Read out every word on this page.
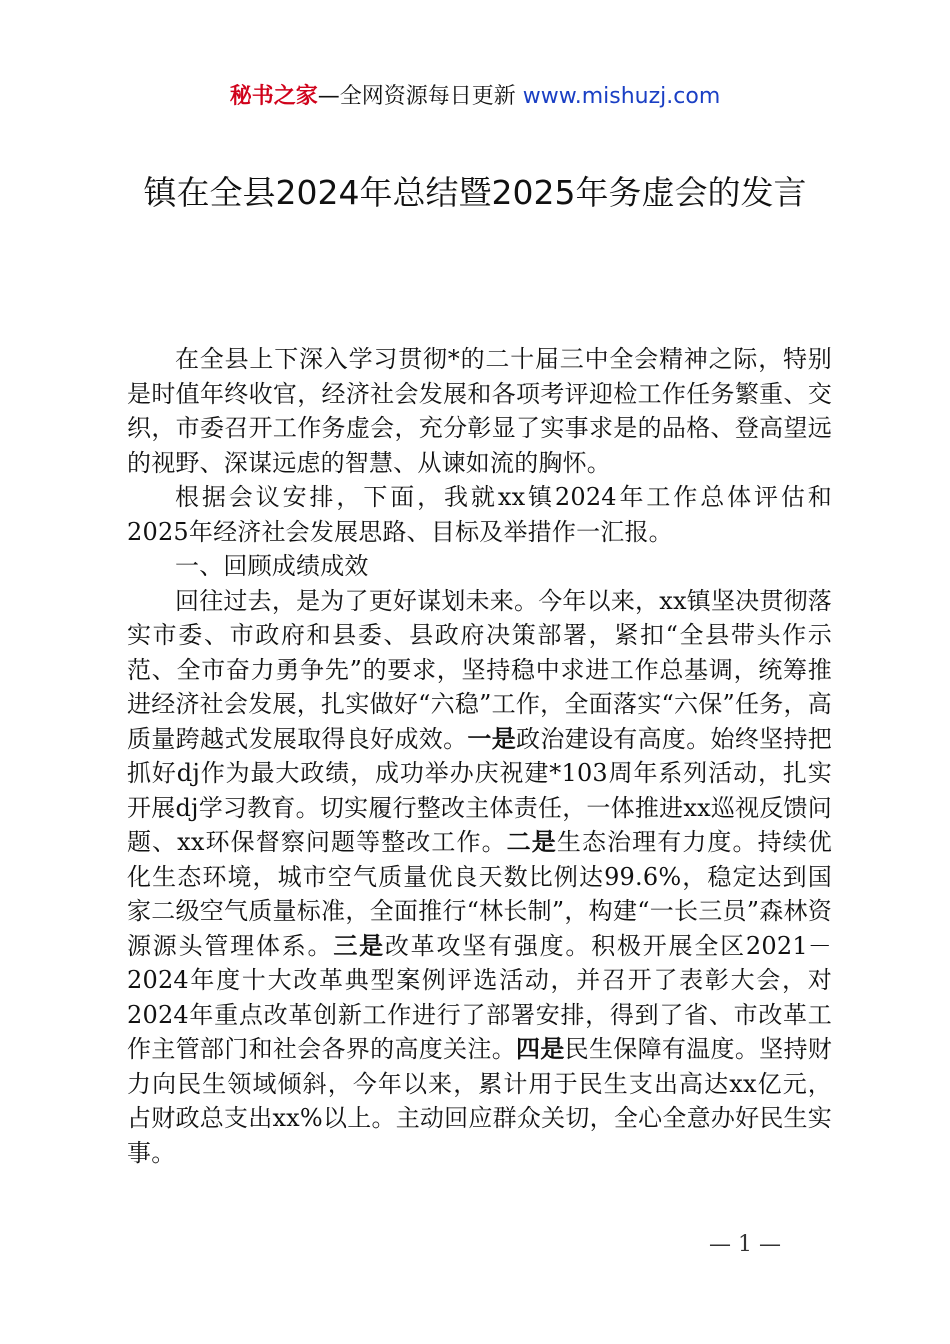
秘书之家—全网资源每日更新 www.mishuzj.com
镇在全县2024年总结暨2025年务虚会的发言

在全县上下深入学习贯彻*的二十届三中全会精神之际，特别是时值年终收官，经济社会发展和各项考评迎检工作任务繁重、交织，市委召开工作务虚会，充分彰显了实事求是的品格、登高望远的视野、深谋远虑的智慧、从谏如流的胸怀。

根据会议安排，下面，我就xx镇2024年工作总体评估和2025年经济社会发展思路、目标及举措作一汇报。

一、回顾成绩成效

回往过去，是为了更好谋划未来。今年以来，xx镇坚决贯彻落实市委、市政府和县委、县政府决策部署，紧扣“全县带头作示范、全市奋力勇争先”的要求，坚持稳中求进工作总基调，统筹推进经济社会发展，扎实做好“六稳”工作，全面落实“六保”任务，高质量跨越式发展取得良好成效。一是政治建设有高度。始终坚持把抓好dj作为最大政绩，成功举办庆祝建*103周年系列活动，扎实开展dj学习教育。切实履行整改主体责任，一体推进xx巡视反馈问题、xx环保督察问题等整改工作。二是生态治理有力度。持续优化生态环境，城市空气质量优良天数比例达99.6%，稳定达到国家二级空气质量标准，全面推行“林长制”，构建“一长三员”森林资源源头管理体系。三是改革攻坚有强度。积极开展全区2021－2024年度十大改革典型案例评选活动，并召开了表彰大会，对2024年重点改革创新工作进行了部署安排，得到了省、市改革工作主管部门和社会各界的高度关注。四是民生保障有温度。坚持财力向民生领域倾斜，今年以来，累计用于民生支出高达xx亿元，占财政总支出xx%以上。主动回应群众关切，全心全意办好民生实事。

— 1 —
